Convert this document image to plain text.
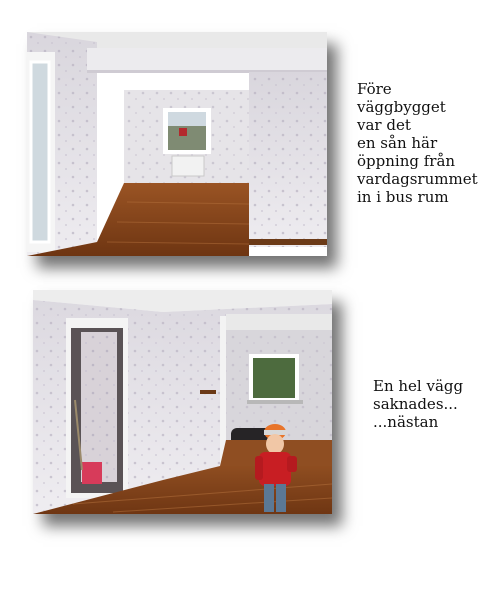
Före
väggbygget
var det
en sån här
öppning från
vardagsrummet
in i bus rum

En hel vägg
saknades...
...nästan
